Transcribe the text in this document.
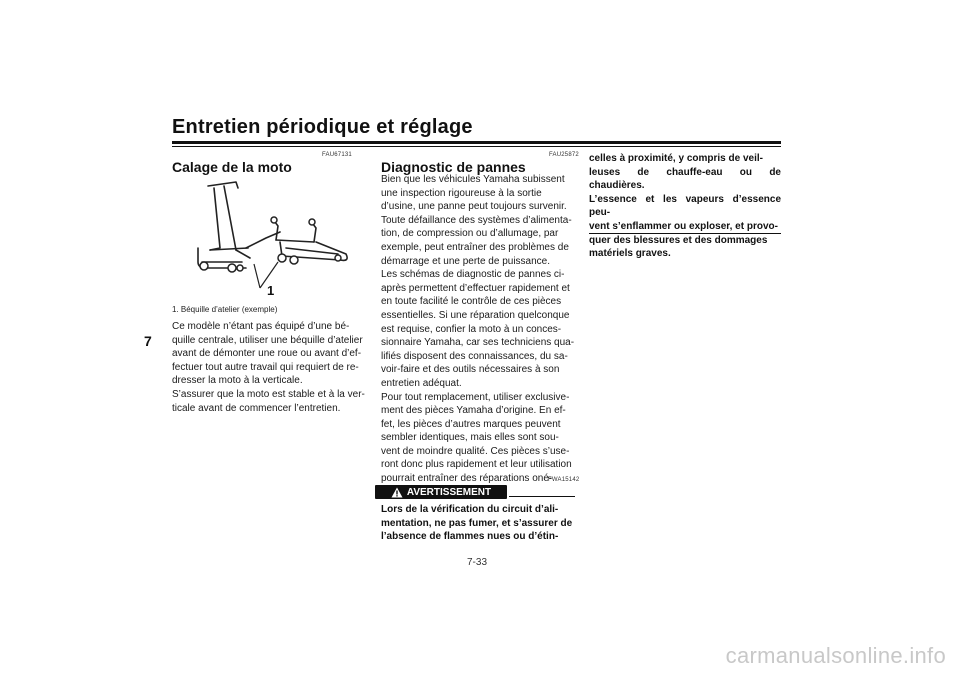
Entretien périodique et réglage
7
FAU67131
Calage de la moto
1
1. Béquille d’atelier (exemple)
Ce modèle n’étant pas équipé d’une bé-
quille centrale, utiliser une béquille d’atelier
avant de démonter une roue ou avant d’ef-
fectuer tout autre travail qui requiert de re-
dresser la moto à la verticale.
S’assurer que la moto est stable et à la ver-
ticale avant de commencer l’entretien.
FAU25872
Diagnostic de pannes
Bien que les véhicules Yamaha subissent
une inspection rigoureuse à la sortie
d’usine, une panne peut toujours survenir.
Toute défaillance des systèmes d’alimenta-
tion, de compression ou d’allumage, par
exemple, peut entraîner des problèmes de
démarrage et une perte de puissance.
Les schémas de diagnostic de pannes ci-
après permettent d’effectuer rapidement et
en toute facilité le contrôle de ces pièces
essentielles. Si une réparation quelconque
est requise, confier la moto à un conces-
sionnaire Yamaha, car ses techniciens qua-
lifiés disposent des connaissances, du sa-
voir-faire et des outils nécessaires à son
entretien adéquat.
Pour tout remplacement, utiliser exclusive-
ment des pièces Yamaha d’origine. En ef-
fet, les pièces d’autres marques peuvent
sembler identiques, mais elles sont sou-
vent de moindre qualité. Ces pièces s’use-
ront donc plus rapidement et leur utilisation
pourrait entraîner des réparations oné-
FWA15142
AVERTISSEMENT
Lors de la vérification du circuit d’ali-
mentation, ne pas fumer, et s’assurer de
l’absence de flammes nues ou d’étin-
celles à proximité, y compris de veil-
leuses de chauffe-eau ou de chaudières.
L’essence et les vapeurs d’essence peu-
vent s’enflammer ou exploser, et provo-
quer des blessures et des dommages
matériels graves.
7-33
carmanualsonline.info
